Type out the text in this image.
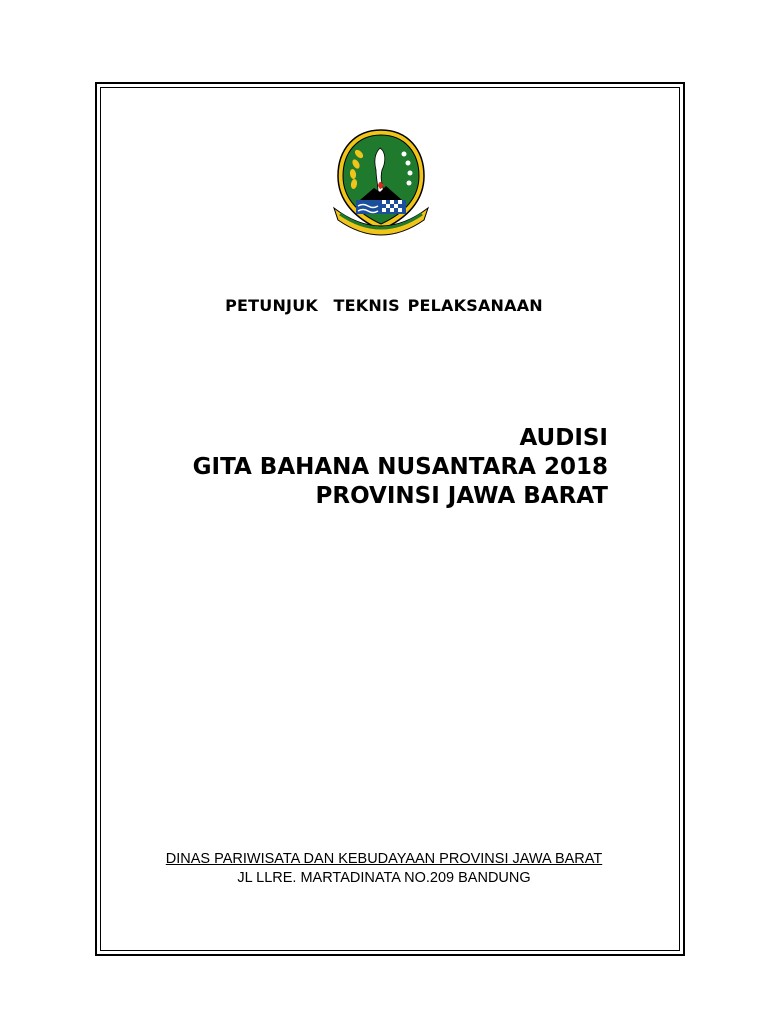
PETUNJUK  TEKNIS PELAKSANAAN
AUDISI
GITA BAHANA NUSANTARA 2018
PROVINSI JAWA BARAT
DINAS PARIWISATA DAN KEBUDAYAAN PROVINSI JAWA BARAT
JL LLRE. MARTADINATA NO.209 BANDUNG
